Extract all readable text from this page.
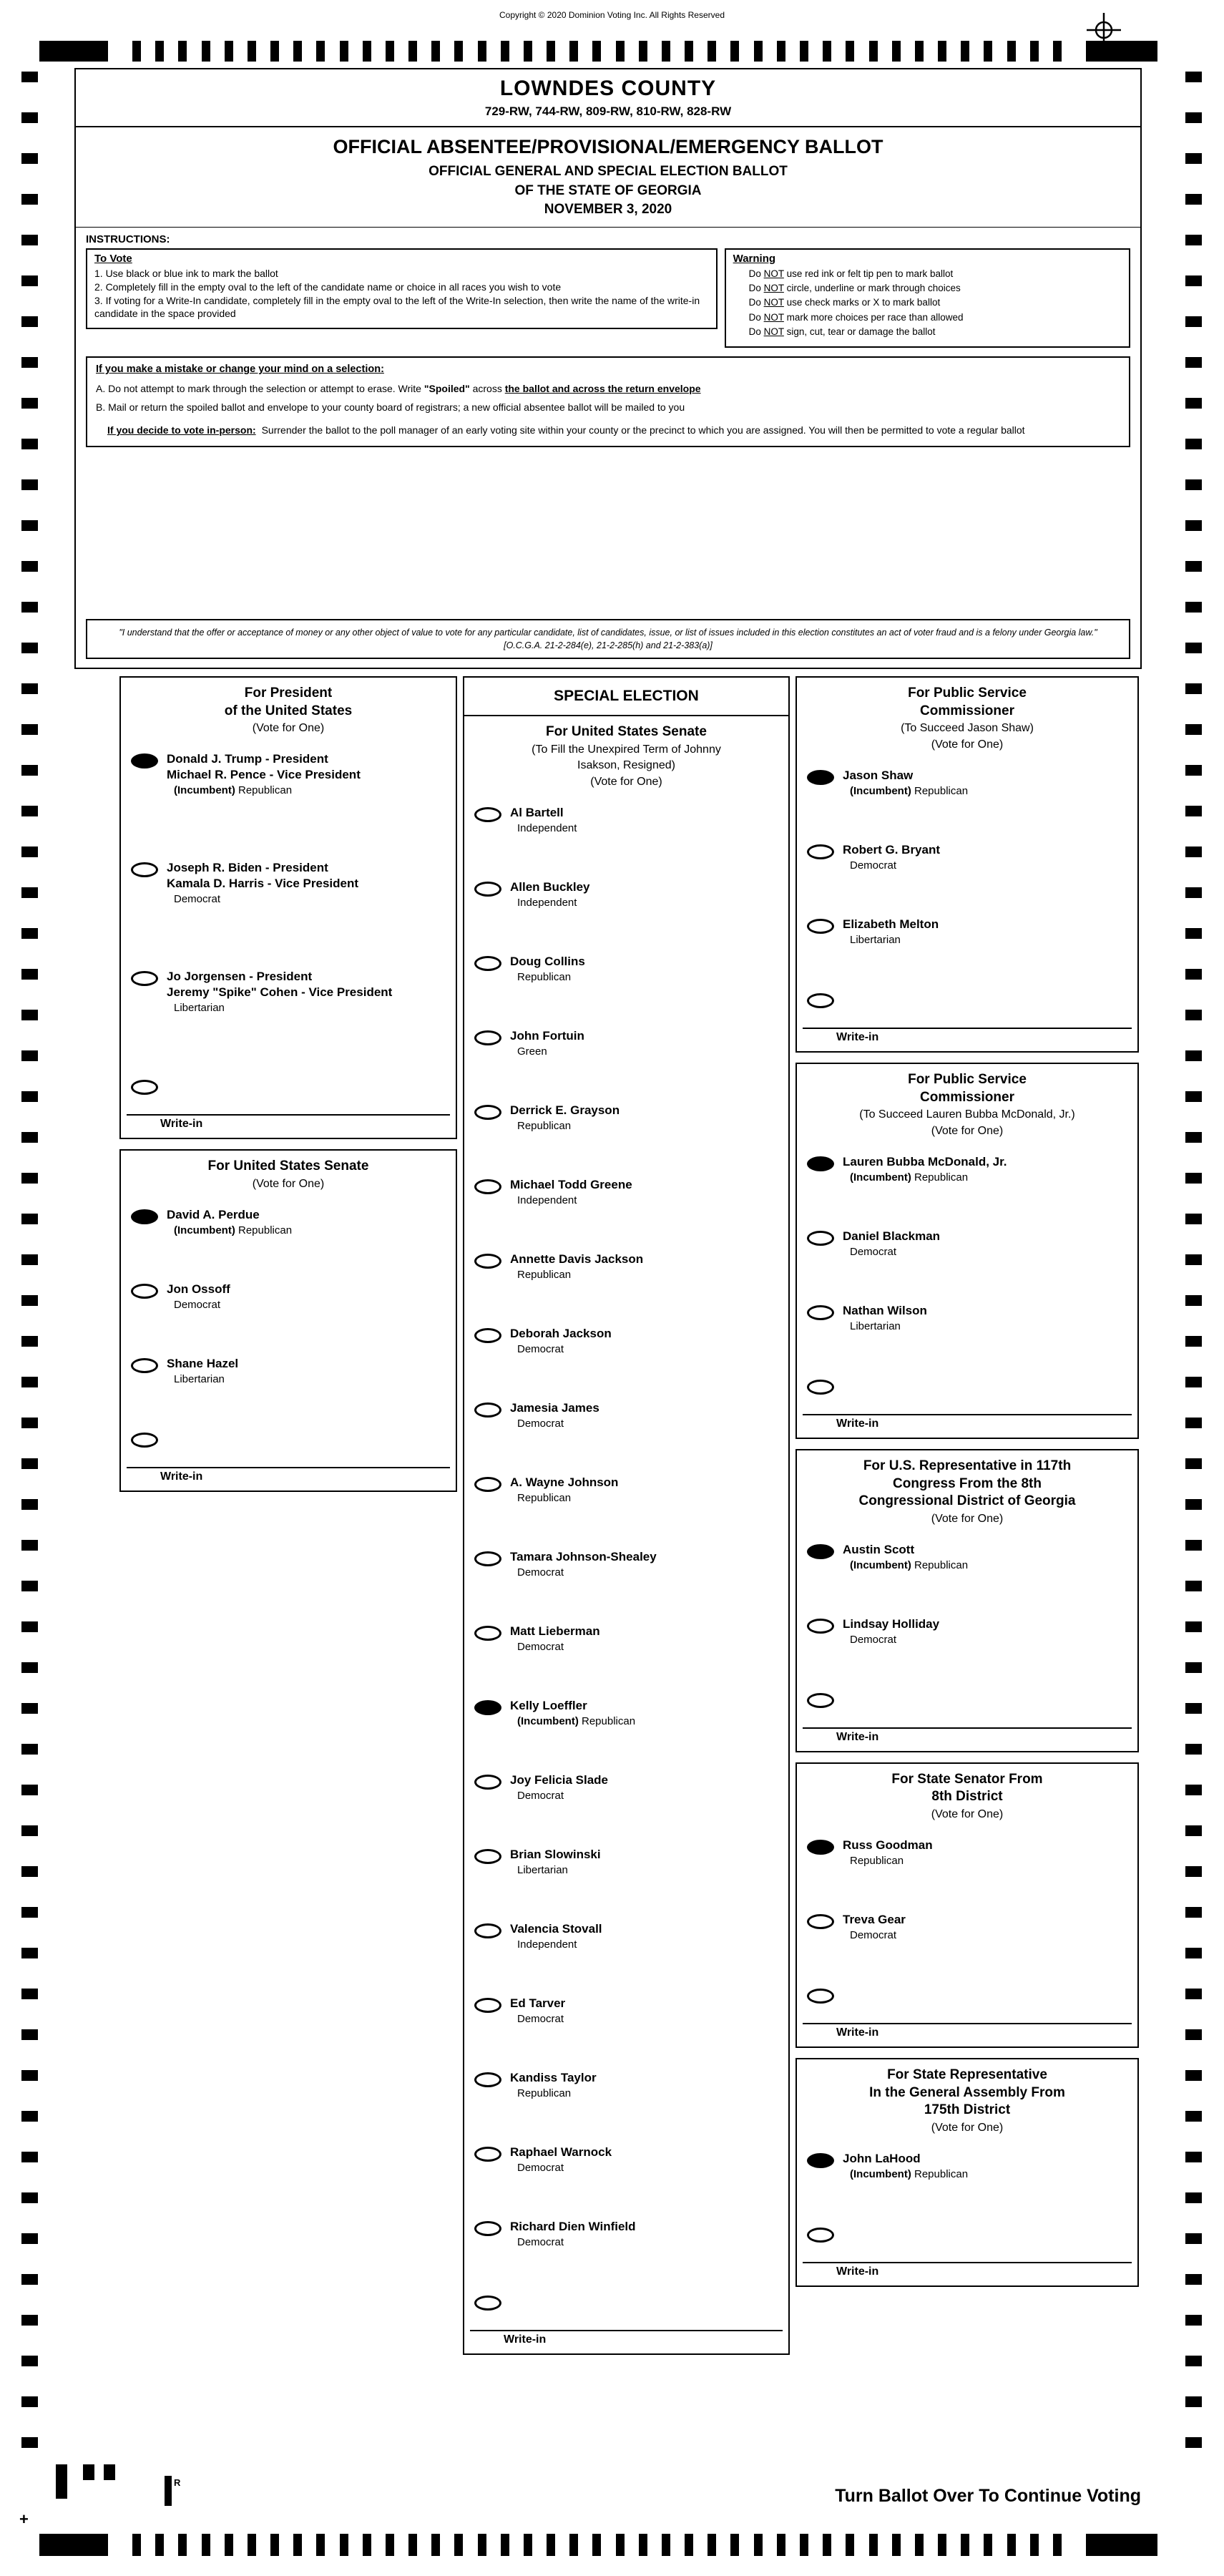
Copyright © 2020 Dominion Voting Inc. All Rights Reserved
LOWNDES COUNTY
729-RW, 744-RW, 809-RW, 810-RW, 828-RW
OFFICIAL ABSENTEE/PROVISIONAL/EMERGENCY BALLOT
OFFICIAL GENERAL AND SPECIAL ELECTION BALLOT
OF THE STATE OF GEORGIA
NOVEMBER 3, 2020
INSTRUCTIONS:
To Vote
1. Use black or blue ink to mark the ballot
2. Completely fill in the empty oval to the left of the candidate name or choice in all races you wish to vote
3. If voting for a Write-In candidate, completely fill in the empty oval to the left of the Write-In selection, then write the name of the write-in candidate in the space provided
Warning
Do NOT use red ink or felt tip pen to mark ballot
Do NOT circle, underline or mark through choices
Do NOT use check marks or X to mark ballot
Do NOT mark more choices per race than allowed
Do NOT sign, cut, tear or damage the ballot
If you make a mistake or change your mind on a selection:
A. Do not attempt to mark through the selection or attempt to erase. Write "Spoiled" across the ballot and across the return envelope
B. Mail or return the spoiled ballot and envelope to your county board of registrars; a new official absentee ballot will be mailed to you
If you decide to vote in-person: Surrender the ballot to the poll manager of an early voting site within your county or the precinct to which you are assigned. You will then be permitted to vote a regular ballot
"I understand that the offer or acceptance of money or any other object of value to vote for any particular candidate, list of candidates, issue, or list of issues included in this election constitutes an act of voter fraud and is a felony under Georgia law." [O.C.G.A. 21-2-284(e), 21-2-285(h) and 21-2-383(a)]
For President
of the United States
(Vote for One)
Donald J. Trump - President
Michael R. Pence - Vice President
(Incumbent) Republican
Joseph R. Biden - President
Kamala D. Harris - Vice President
Democrat
Jo Jorgensen - President
Jeremy "Spike" Cohen - Vice President
Libertarian
Write-in
For United States Senate
(Vote for One)
David A. Perdue
(Incumbent) Republican
Jon Ossoff
Democrat
Shane Hazel
Libertarian
Write-in
SPECIAL ELECTION
For United States Senate
(To Fill the Unexpired Term of Johnny
Isakson, Resigned)
(Vote for One)
Al Bartell
Independent
Allen Buckley
Independent
Doug Collins
Republican
John Fortuin
Green
Derrick E. Grayson
Republican
Michael Todd Greene
Independent
Annette Davis Jackson
Republican
Deborah Jackson
Democrat
Jamesia James
Democrat
A. Wayne Johnson
Republican
Tamara Johnson-Shealey
Democrat
Matt Lieberman
Democrat
Kelly Loeffler
(Incumbent) Republican
Joy Felicia Slade
Democrat
Brian Slowinski
Libertarian
Valencia Stovall
Independent
Ed Tarver
Democrat
Kandiss Taylor
Republican
Raphael Warnock
Democrat
Richard Dien Winfield
Democrat
Write-in
For Public Service
Commissioner
(To Succeed Jason Shaw)
(Vote for One)
Jason Shaw
(Incumbent) Republican
Robert G. Bryant
Democrat
Elizabeth Melton
Libertarian
Write-in
For Public Service
Commissioner
(To Succeed Lauren Bubba McDonald, Jr.)
(Vote for One)
Lauren Bubba McDonald, Jr.
(Incumbent) Republican
Daniel Blackman
Democrat
Nathan Wilson
Libertarian
Write-in
For U.S. Representative in 117th
Congress From the 8th
Congressional District of Georgia
(Vote for One)
Austin Scott
(Incumbent) Republican
Lindsay Holliday
Democrat
Write-in
For State Senator From
8th District
(Vote for One)
Russ Goodman
Republican
Treva Gear
Democrat
Write-in
For State Representative
In the General Assembly From
175th District
(Vote for One)
John LaHood
(Incumbent) Republican
Write-in
R
+
Turn Ballot Over To Continue Voting
